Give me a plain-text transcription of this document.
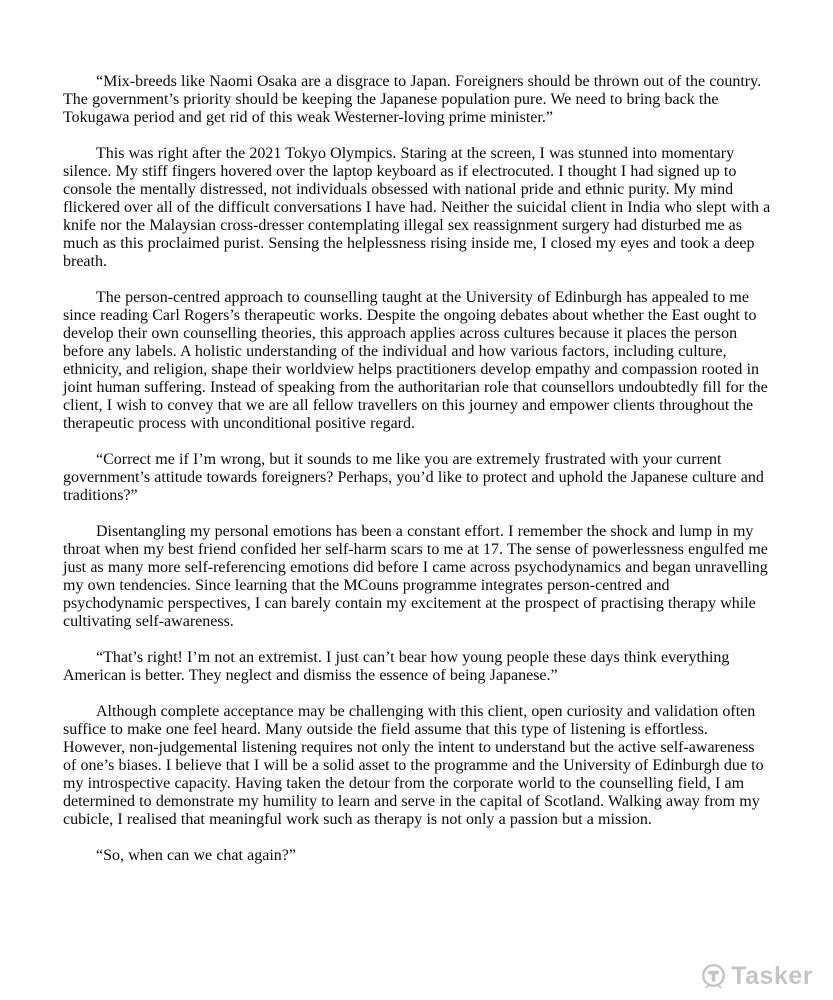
“Mix-breeds like Naomi Osaka are a disgrace to Japan. Foreigners should be thrown out of the country. The government’s priority should be keeping the Japanese population pure. We need to bring back the Tokugawa period and get rid of this weak Westerner-loving prime minister.”

This was right after the 2021 Tokyo Olympics. Staring at the screen, I was stunned into momentary silence. My stiff fingers hovered over the laptop keyboard as if electrocuted. I thought I had signed up to console the mentally distressed, not individuals obsessed with national pride and ethnic purity. My mind flickered over all of the difficult conversations I have had. Neither the suicidal client in India who slept with a knife nor the Malaysian cross-dresser contemplating illegal sex reassignment surgery had disturbed me as much as this proclaimed purist. Sensing the helplessness rising inside me, I closed my eyes and took a deep breath.

The person-centred approach to counselling taught at the University of Edinburgh has appealed to me since reading Carl Rogers’s therapeutic works. Despite the ongoing debates about whether the East ought to develop their own counselling theories, this approach applies across cultures because it places the person before any labels. A holistic understanding of the individual and how various factors, including culture, ethnicity, and religion, shape their worldview helps practitioners develop empathy and compassion rooted in joint human suffering. Instead of speaking from the authoritarian role that counsellors undoubtedly fill for the client, I wish to convey that we are all fellow travellers on this journey and empower clients throughout the therapeutic process with unconditional positive regard.

“Correct me if I’m wrong, but it sounds to me like you are extremely frustrated with your current government’s attitude towards foreigners? Perhaps, you’d like to protect and uphold the Japanese culture and traditions?”

Disentangling my personal emotions has been a constant effort. I remember the shock and lump in my throat when my best friend confided her self-harm scars to me at 17. The sense of powerlessness engulfed me just as many more self-referencing emotions did before I came across psychodynamics and began unravelling my own tendencies. Since learning that the MCouns programme integrates person-centred and psychodynamic perspectives, I can barely contain my excitement at the prospect of practising therapy while cultivating self-awareness.

“That’s right! I’m not an extremist. I just can’t bear how young people these days think everything American is better. They neglect and dismiss the essence of being Japanese.”

Although complete acceptance may be challenging with this client, open curiosity and validation often suffice to make one feel heard. Many outside the field assume that this type of listening is effortless. However, non-judgemental listening requires not only the intent to understand but the active self-awareness of one’s biases. I believe that I will be a solid asset to the programme and the University of Edinburgh due to my introspective capacity. Having taken the detour from the corporate world to the counselling field, I am determined to demonstrate my humility to learn and serve in the capital of Scotland. Walking away from my cubicle, I realised that meaningful work such as therapy is not only a passion but a mission.

“So, when can we chat again?”

Tasker
